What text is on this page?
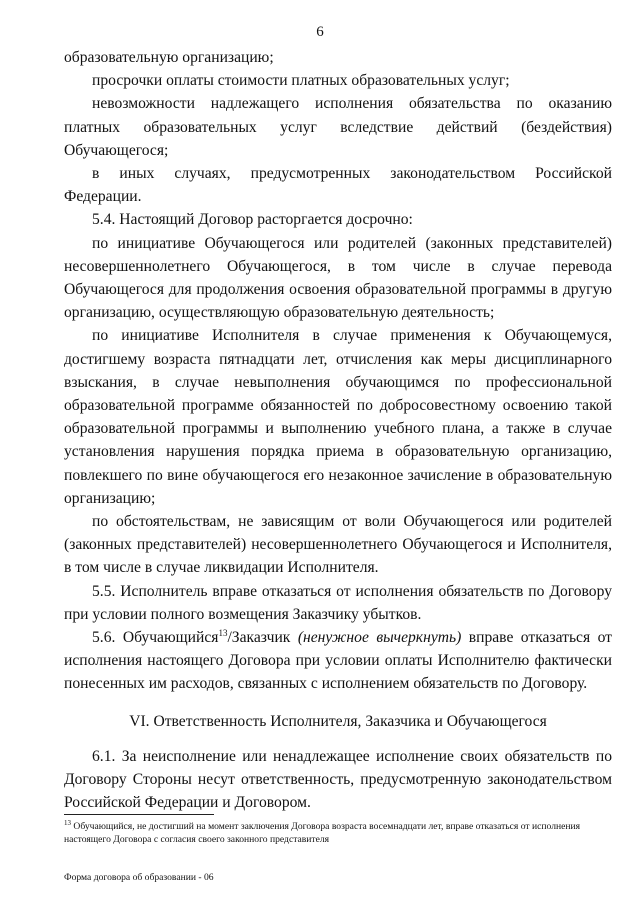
6

образовательную организацию;

просрочки оплаты стоимости платных образовательных услуг;

невозможности надлежащего исполнения обязательства по оказанию платных образовательных услуг вследствие действий (бездействия) Обучающегося;

в иных случаях, предусмотренных законодательством Российской Федерации.

5.4. Настоящий Договор расторгается досрочно:

по инициативе Обучающегося или родителей (законных представителей) несовершеннолетнего Обучающегося, в том числе в случае перевода Обучающегося для продолжения освоения образовательной программы в другую организацию, осуществляющую образовательную деятельность;

по инициативе Исполнителя в случае применения к Обучающемуся, достигшему возраста пятнадцати лет, отчисления как меры дисциплинарного взыскания, в случае невыполнения обучающимся по профессиональной образовательной программе обязанностей по добросовестному освоению такой образовательной программы и выполнению учебного плана, а также в случае установления нарушения порядка приема в образовательную организацию, повлекшего по вине обучающегося его незаконное зачисление в образовательную организацию;

по обстоятельствам, не зависящим от воли Обучающегося или родителей (законных представителей) несовершеннолетнего Обучающегося и Исполнителя, в том числе в случае ликвидации Исполнителя.

5.5. Исполнитель вправе отказаться от исполнения обязательств по Договору при условии полного возмещения Заказчику убытков.

5.6. Обучающийся$^{13}$/Заказчик (ненужное вычеркнуть) вправе отказаться от исполнения настоящего Договора при условии оплаты Исполнителю фактически понесенных им расходов, связанных с исполнением обязательств по Договору.

VI. Ответственность Исполнителя, Заказчика и Обучающегося

6.1. За неисполнение или ненадлежащее исполнение своих обязательств по Договору Стороны несут ответственность, предусмотренную законодательством Российской Федерации и Договором.

$^{13}$ Обучающийся, не достигший на момент заключения Договора возраста восемнадцати лет, вправе отказаться от исполнения настоящего Договора с согласия своего законного представителя
Форма договора об образовании - 06
